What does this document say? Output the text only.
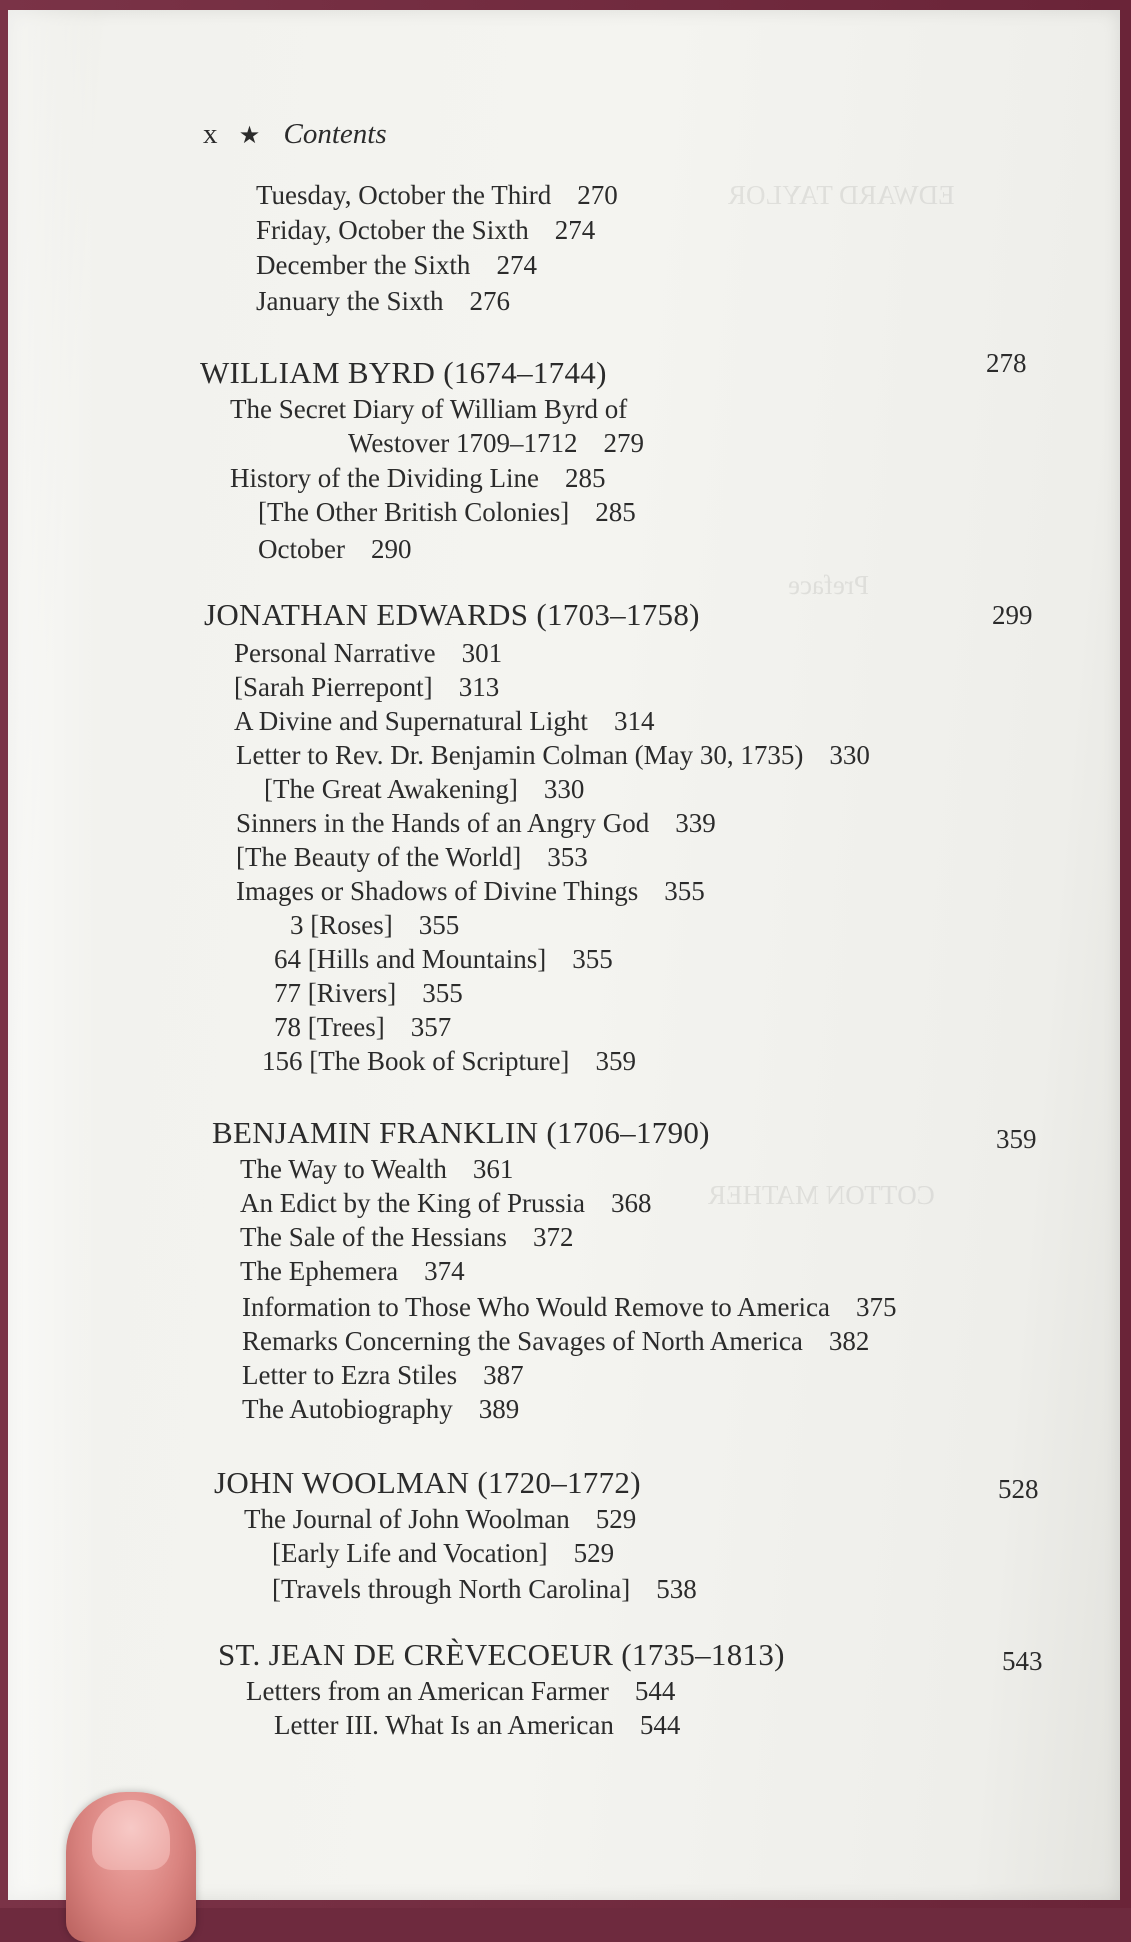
EDWARD TAYLOR
Preface
COTTON MATHER
x ★ Contents
Tuesday, October the Third 270
Friday, October the Sixth 274
December the Sixth 274
January the Sixth 276
WILLIAM BYRD (1674–1744)	278
The Secret Diary of William Byrd of
Westover 1709–1712 279
History of the Dividing Line 285
[The Other British Colonies] 285
October 290
JONATHAN EDWARDS (1703–1758)	299
Personal Narrative 301
[Sarah Pierrepont] 313
A Divine and Supernatural Light 314
Letter to Rev. Dr. Benjamin Colman (May 30, 1735) 330
[The Great Awakening] 330
Sinners in the Hands of an Angry God 339
[The Beauty of the World] 353
Images or Shadows of Divine Things 355
3 [Roses] 355
64 [Hills and Mountains] 355
77 [Rivers] 355
78 [Trees] 357
156 [The Book of Scripture] 359
BENJAMIN FRANKLIN (1706–1790)	359
The Way to Wealth 361
An Edict by the King of Prussia 368
The Sale of the Hessians 372
The Ephemera 374
Information to Those Who Would Remove to America 375
Remarks Concerning the Savages of North America 382
Letter to Ezra Stiles 387
The Autobiography 389
JOHN WOOLMAN (1720–1772)	528
The Journal of John Woolman 529
[Early Life and Vocation] 529
[Travels through North Carolina] 538
ST. JEAN DE CRÈVECOEUR (1735–1813)	543
Letters from an American Farmer 544
Letter III. What Is an American 544
